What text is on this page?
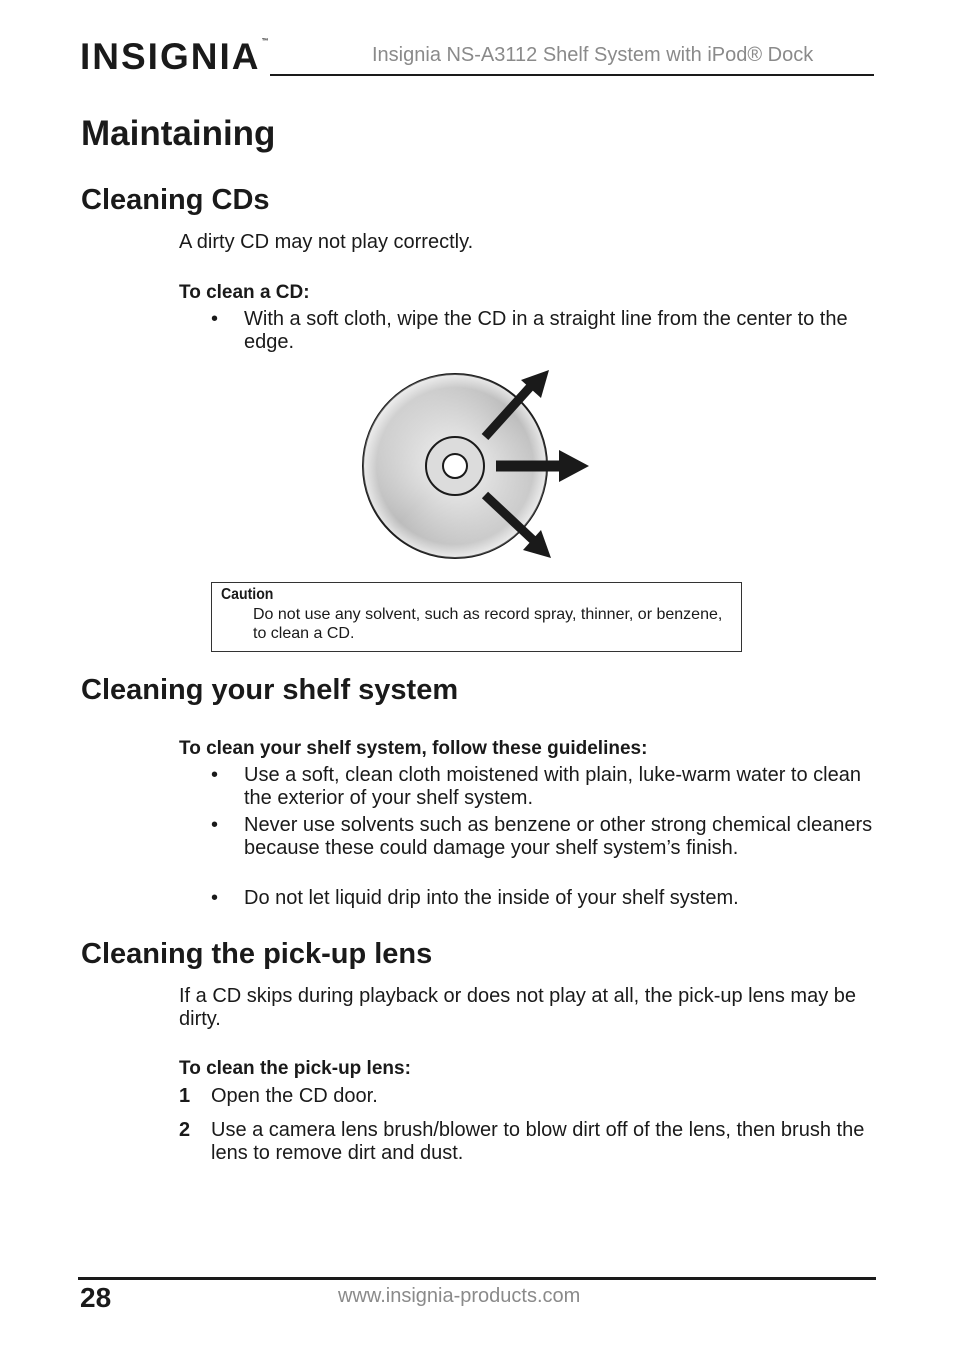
INSIGNIA™
Insignia NS-A3112 Shelf System with iPod® Dock
Maintaining
Cleaning CDs

A dirty CD may not play correctly.

To clean a CD:

• With a soft cloth, wipe the CD in a straight line from the center to the edge.

Caution

Do not use any solvent, such as record spray, thinner, or benzene, to clean a CD.

Cleaning your shelf system

To clean your shelf system, follow these guidelines:

• Use a soft, clean cloth moistened with plain, luke-warm water to clean the exterior of your shelf system.

• Never use solvents such as benzene or other strong chemical cleaners because these could damage your shelf system’s finish.

• Do not let liquid drip into the inside of your shelf system.

Cleaning the pick-up lens

If a CD skips during playback or does not play at all, the pick-up lens may be dirty.

To clean the pick-up lens:

1 Open the CD door.

2 Use a camera lens brush/blower to blow dirt off of the lens, then brush the lens to remove dirt and dust.

28	www.insignia-products.com
